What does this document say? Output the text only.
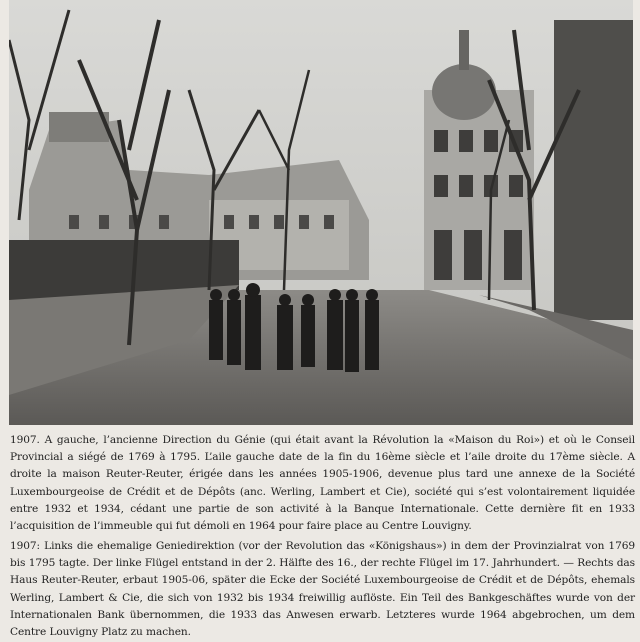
1907. A gauche, l’ancienne Direction du Génie (qui était avant la Révolution la «Maison du Roi») et où le Conseil Provincial a siégé de 1769 à 1795. L’aile gauche date de la fin du 16ème siècle et l’aile droite du 17ème siècle. A droite la maison Reuter-Reuter, érigée dans les années 1905-1906, devenue plus tard une annexe de la Société Luxembourgeoise de Crédit et de Dépôts (anc. Werling, Lambert et Cie), société qui s’est volontairement liquidée entre 1932 et 1934, cédant une partie de son activité à la Banque Internationale. Cette dernière fit en 1933 l’acquisition de l’immeuble qui fut démoli en 1964 pour faire place au Centre Louvigny.
1907: Links die ehemalige Geniedirektion (vor der Revolution das «Königshaus») in dem der Provinzialrat von 1769 bis 1795 tagte. Der linke Flügel entstand in der 2. Hälfte des 16., der rechte Flügel im 17. Jahrhundert. — Rechts das Haus Reuter-Reuter, erbaut 1905-06, später die Ecke der Société Luxembourgeoise de Crédit et de Dépôts, ehemals Werling, Lambert & Cie, die sich von 1932 bis 1934 freiwillig auflöste. Ein Teil des Bankgeschäftes wurde von der Internationalen Bank übernommen, die 1933 das Anwesen erwarb. Letzteres wurde 1964 abgebrochen, um dem Centre Louvigny Platz zu machen.
